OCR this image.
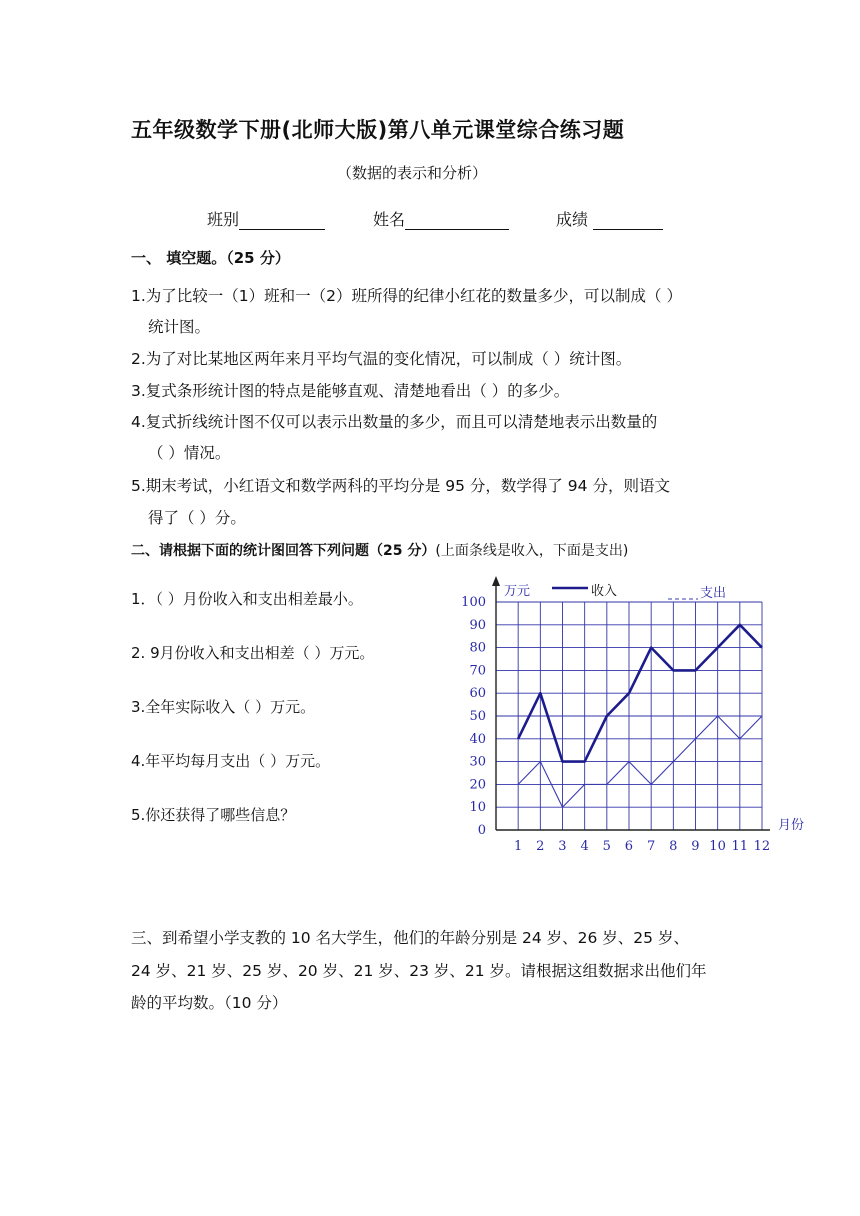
五年级数学下册(北师大版)第八单元课堂综合练习题
（数据的表示和分析）
班别	姓名	成绩
一、 填空题。（25 分）
1.为了比较一（1）班和一（2）班所得的纪律小红花的数量多少，可以制成（ ）
统计图。
2.为了对比某地区两年来月平均气温的变化情况，可以制成（ ）统计图。
3.复式条形统计图的特点是能够直观、清楚地看出（ ）的多少。
4.复式折线统计图不仅可以表示出数量的多少，而且可以清楚地表示出数量的
（ ）情况。
5.期末考试，小红语文和数学两科的平均分是 95 分，数学得了 94 分，则语文
得了（ ）分。
二、请根据下面的统计图回答下列问题（25 分）(上面条线是收入，下面是支出)
1．（ ）月份收入和支出相差最小。
2. 9月份收入和支出相差（ ）万元。
3.全年实际收入（ ）万元。
4.年平均每月支出（ ）万元。
5.你还获得了哪些信息？
0
10
20
30
40
50
60
70
80
90
100
1 2 3 4 5 6 7 8 9 10 11 12
万元
月份
收入	支出
三、到希望小学支教的 10 名大学生，他们的年龄分别是 24 岁、26 岁、25 岁、
24 岁、21 岁、25 岁、20 岁、21 岁、23 岁、21 岁。请根据这组数据求出他们年
龄的平均数。（10 分）
